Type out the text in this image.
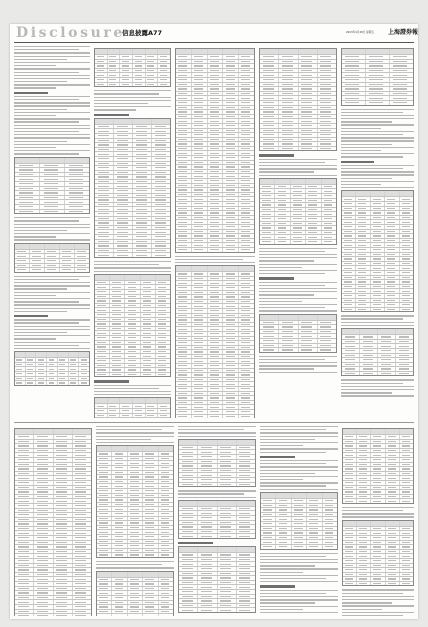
Disclosure
信息披露A77	2023年4月28日 星期五 上海證券報
